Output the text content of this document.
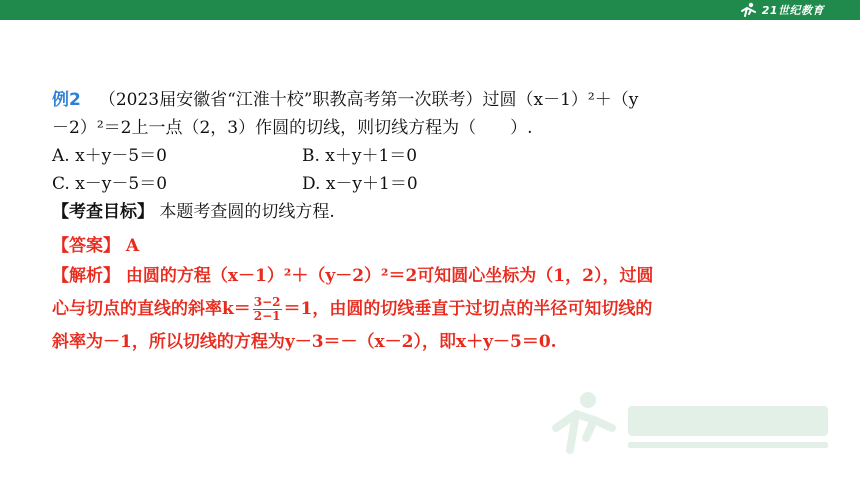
21世纪教育
例2 （2023届安徽省“江淮十校”职教高考第一次联考）过圆（x－1）²＋（y
－2）²＝2上一点（2，3）作圆的切线，则切线方程为（　　）.
A. x＋y－5＝0	B. x＋y＋1＝0
C. x－y－5＝0	D. x－y＋1＝0
【考查目标】 本题考查圆的切线方程.
【答案】 A
【解析】 由圆的方程（x－1）²＋（y－2）²＝2可知圆心坐标为（1，2），过圆
心与切点的直线的斜率$k= \frac{3-2}{2-1} =1$，由圆的切线垂直于过切点的半径可知切线的
斜率为－1，所以切线的方程为y－3＝－（x－2），即x＋y－5＝0.
